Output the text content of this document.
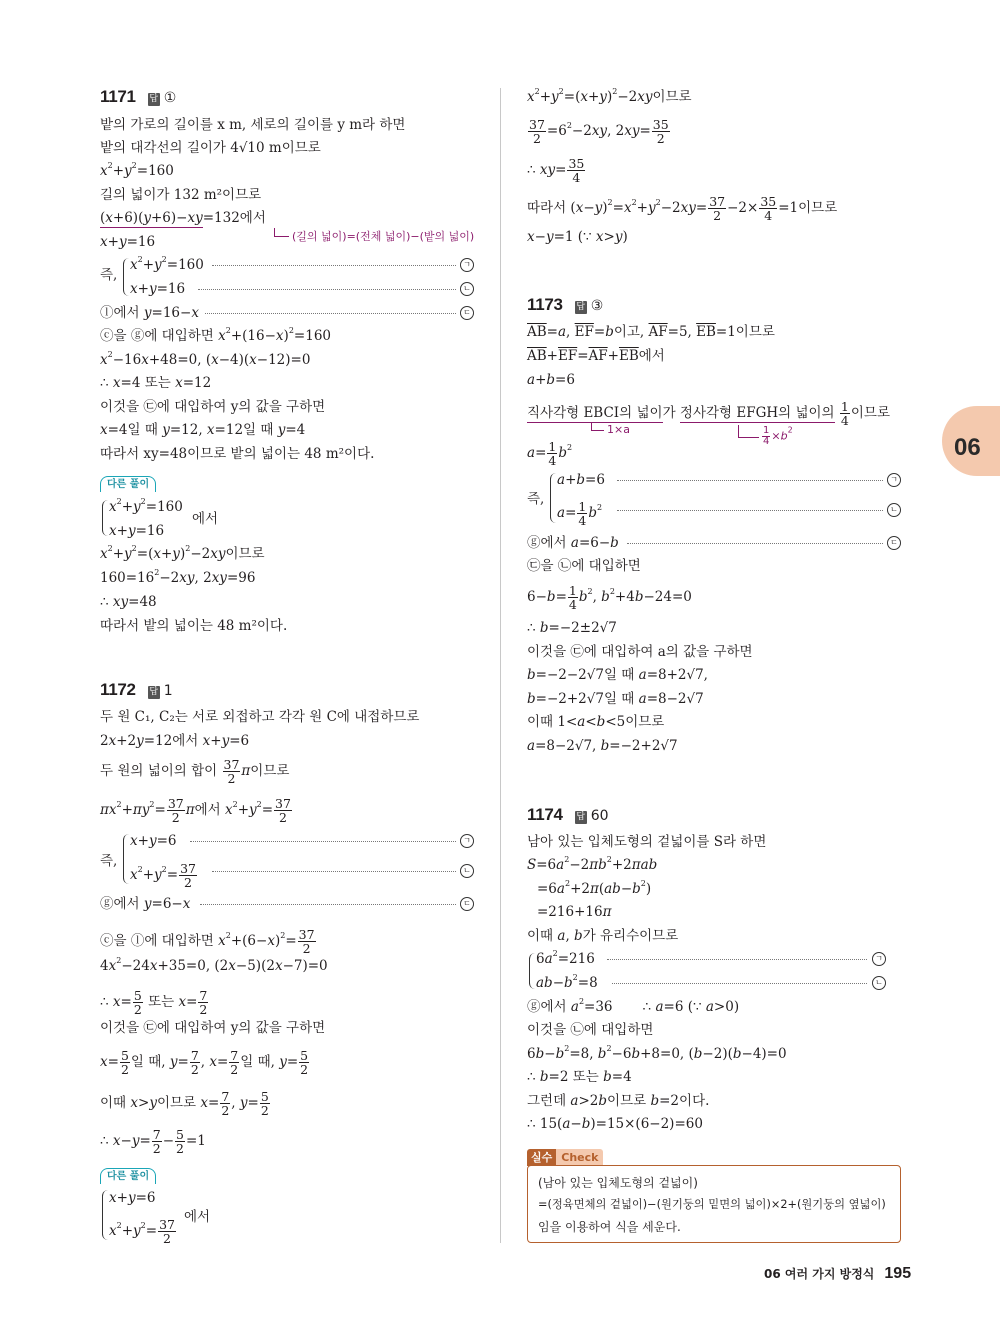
1171 답 ①
밭의 가로의 길이를 x m, 세로의 길이를 y m라 하면
밭의 대각선의 길이가 4√10 m이므로
$x^2+y^2=160$
길의 넓이가 132 m²이므로
(x+6)(y+6)−xy=132에서
(길의 넓이)=(전체 넓이)−(밭의 넓이)
x+y=16
즉,
$x^2+y^2=160$	ㄱ
x+y=16	ㄴ
ⓛ에서 y=16−x	ㄷ
ⓒ을 ⓖ에 대입하면 $x^2+(16-x)^2=160$
$x^2-16x+48=0$, (x−4)(x−12)=0
∴ x=4 또는 x=12
이것을 ㉢에 대입하여 y의 값을 구하면
x=4일 때 y=12, x=12일 때 y=4
따라서 xy=48이므로 밭의 넓이는 48 m²이다.
다른 풀이
$x^2+y^2=160$
x+y=16
에서
$x^2+y^2=(x+y)^2-2xy$이므로
$160=16^2-2xy$, 2xy=96
∴ xy=48
따라서 밭의 넓이는 48 m²이다.
1172 답 1
두 원 C₁, C₂는 서로 외접하고 각각 원 C에 내접하므로
2x+2y=12에서 x+y=6
두 원의 넓이의 합이 $\frac{37}{2}$ π이므로
$\pi x^2+\pi y^2= \frac{37}{2}$ π에서 $x^2+y^2= \frac{37}{2}$
즉,
x+y=6	ㄱ
$x^2+y^2= \frac{37}{2}$	ㄴ
ⓖ에서 y=6−x	ㄷ
ⓒ을 ⓛ에 대입하면 $x^2+(6-x)^2= \frac{37}{2}$
$4x^2-24x+35=0$, (2x−5)(2x−7)=0
∴ $x= \frac{5}{2}$ 또는 $x= \frac{7}{2}$
이것을 ㉢에 대입하여 y의 값을 구하면
$x= \frac{5}{2}$ 일 때, $y= \frac{7}{2}$ , $x= \frac{7}{2}$ 일 때, $y= \frac{5}{2}$
이때 x>y이므로 $x= \frac{7}{2}$ , $y= \frac{5}{2}$
∴ $x-y= \frac{7}{2} - \frac{5}{2} =1$
다른 풀이
x+y=6
$x^2+y^2= \frac{37}{2}$
에서
$x^2+y^2=(x+y)^2-2xy$이므로
$\frac{37}{2} =6^2-2xy$, $2xy= \frac{35}{2}$
∴ $xy= \frac{35}{4}$
따라서 $(x-y)^2=x^2+y^2-2xy= \frac{37}{2} -2\times \frac{35}{4} =1$이므로
x−y=1 (∵ x>y)
1173 답 ③
$\overline{AB}=a$, $\overline{EF}=b$이고, $\overline{AF}=5$, $\overline{EB}=1$이므로
$\overline{AB}+\overline{EF}=\overline{AF}+\overline{EB}$에서
a+b=6
직사각형 EBCI의 넓이가 정사각형 EFGH의 넓이의 $\frac{1}{4}$ 이므로
1×a	$\frac{1}{4} \times b^2$
$a= \frac{1}{4} b^2$
즉,
a+b=6	ㄱ
$a= \frac{1}{4} b^2$	ㄴ
ⓖ에서 a=6−b	ㄷ
㉢을 ㉡에 대입하면
$6-b= \frac{1}{4} b^2$, $b^2+4b-24=0$
∴ b=−2±2√7
이것을 ㉢에 대입하여 a의 값을 구하면
b=−2−2√7일 때 a=8+2√7,
b=−2+2√7일 때 a=8−2√7
이때 1<a<b<5이므로
a=8−2√7, b=−2+2√7
1174 답 60
남아 있는 입체도형의 겉넓이를 S라 하면
$S=6a^2-2\pi b^2+2\pi ab$
$=6a^2+2\pi(ab-b^2)$
=216+16π
이때 a, b가 유리수이므로
$6a^2=216$	ㄱ
$ab-b^2=8$	ㄴ
ⓖ에서 $a^2=36$       ∴ a=6 (∵ a>0)
이것을 ㉡에 대입하면
$6b-b^2=8$, $b^2-6b+8=0$, (b−2)(b−4)=0
∴ b=2 또는 b=4
그런데 a>2b이므로 b=2이다.
∴ 15(a−b)=15×(6−2)=60
실수 Check
(남아 있는 입체도형의 겉넓이)
=(정육면체의 겉넓이)−(원기둥의 밑면의 넓이)×2+(원기둥의 옆넓이)
임을 이용하여 식을 세운다.
06
06 여러 가지 방정식 195
